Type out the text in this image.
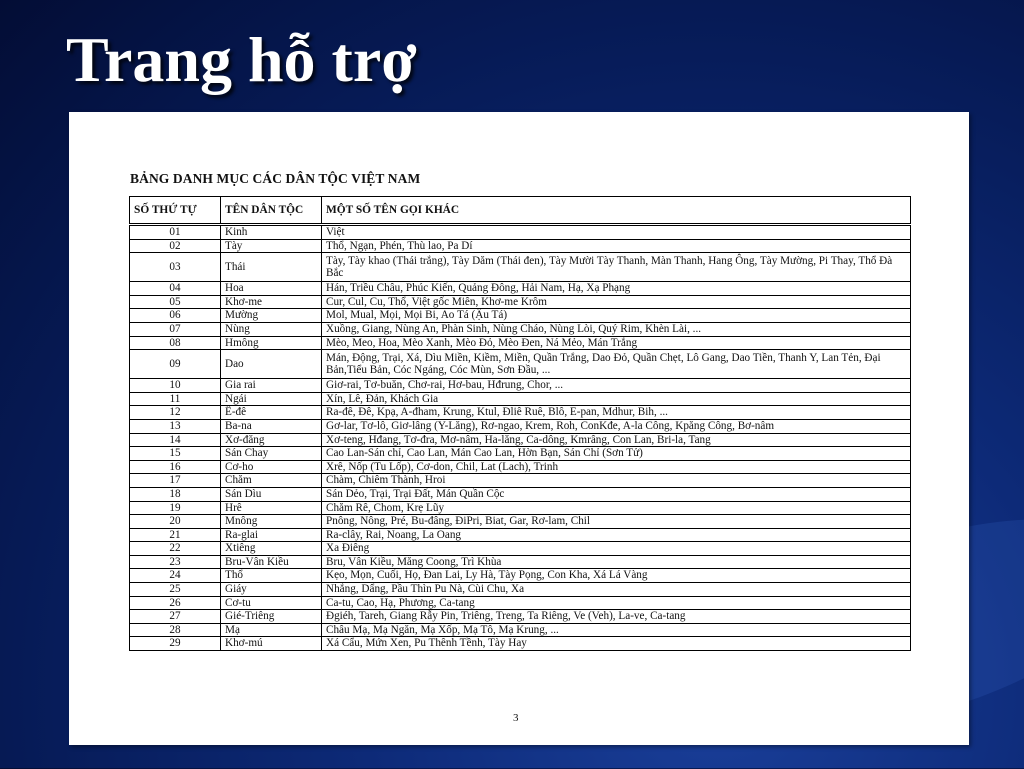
Trang hỗ trợ
BẢNG DANH MỤC CÁC DÂN TỘC VIỆT NAM
SỐ THỨ TỰ	TÊN DÂN TỘC	MỘT SỐ TÊN GỌI KHÁC
01	Kinh	Việt
02	Tày	Thổ, Ngạn, Phén, Thù lao, Pa Dí
03	Thái	Tày, Tày khao (Thái trắng), Tày Dăm (Thái đen), Tày Mười Tày Thanh, Màn Thanh, Hang Ông, Tày Mường, Pi Thay, Thổ Đà Bắc
04	Hoa	Hán, Triều Châu, Phúc Kiến, Quảng Đông, Hải Nam, Hạ, Xạ Phạng
05	Khơ-me	Cur, Cul, Cu, Thổ, Việt gốc Miên, Khơ-me Krôm
06	Mường	Mol, Mual, Mọi, Mọi Bi, Ao Tá (Ậu Tá)
07	Nùng	Xuồng, Giang, Nùng An, Phàn Sinh, Nùng Cháo, Nùng Lòi, Quý Rim, Khèn Lài, ...
08	Hmông	Mèo, Meo, Hoa, Mèo Xanh, Mèo Đỏ, Mèo Đen, Ná Mẻo, Mán Trắng
09	Dao	Mán, Động, Trại, Xá, Dìu Miền, Kiềm, Miền, Quần Trắng, Dao Đỏ, Quần Chẹt, Lô Gang, Dao Tiền, Thanh Y, Lan Tẻn, Đại Bản,Tiểu Bản, Cóc Ngáng, Cóc Mùn, Sơn Đầu, ...
10	Gia rai	Giơ-rai, Tơ-buăn, Chơ-rai, Hơ-bau, Hđrung, Chor, ...
11	Ngái	Xín, Lê, Đản, Khách Gia
12	Ê-đê	Ra-đê, Đê, Kpạ, A-đham, Krung, Ktul, Đliê Ruê, Blô, E-pan, Mdhur, Bih, ...
13	Ba-na	Gơ-lar, Tơ-lô, Giơ-lâng (Y-Lăng), Rơ-ngao, Krem, Roh, ConKđe, A-la Công, Kpăng Công, Bơ-nâm
14	Xơ-đăng	Xơ-teng, Hđang, Tơ-đra, Mơ-nâm, Ha-lăng, Ca-dông, Kmrâng, Con Lan, Bri-la, Tang
15	Sán Chay	Cao Lan-Sán chỉ, Cao Lan, Mán Cao Lan, Hờn Bạn, Sán Chỉ (Sơn Tử)
16	Cơ-ho	Xrê, Nốp (Tu Lốp), Cơ-don, Chil, Lat (Lach), Trinh
17	Chăm	Chàm, Chiêm Thành, Hroi
18	Sán Dìu	Sán Dẻo, Trại, Trại Đất, Mán Quần Cộc
19	Hrê	Chăm Rê, Chom, Krẹ Lũy
20	Mnông	Pnông, Nông, Pré, Bu-đâng, ĐiPri, Biat, Gar, Rơ-lam, Chil
21	Ra-glai	Ra-clây, Rai, Noang, La Oang
22	Xtiêng	Xa Điêng
23	Bru-Vân Kiều	Bru, Vân Kiều, Măng Coong, Trì Khùa
24	Thổ	Kẹo, Mọn, Cuối, Họ, Đan Lai, Ly Hà, Tày Pọng, Con Kha, Xá Lá Vàng
25	Giáy	Nhắng, Dẩng, Pầu Thìn Pu Nà, Cùi Chu, Xa
26	Cơ-tu	Ca-tu, Cao, Hạ, Phương, Ca-tang
27	Gié-Triêng	Đgiéh, Tareh, Giang Rẫy Pin, Triêng, Treng, Ta Riêng, Ve (Veh), La-ve, Ca-tang
28	Mạ	Châu Mạ, Mạ Ngăn, Mạ Xốp, Mạ Tô, Mạ Krung, ...
29	Khơ-mú	Xá Cẩu, Mứn Xen, Pu Thênh Tềnh, Tày Hay
3
